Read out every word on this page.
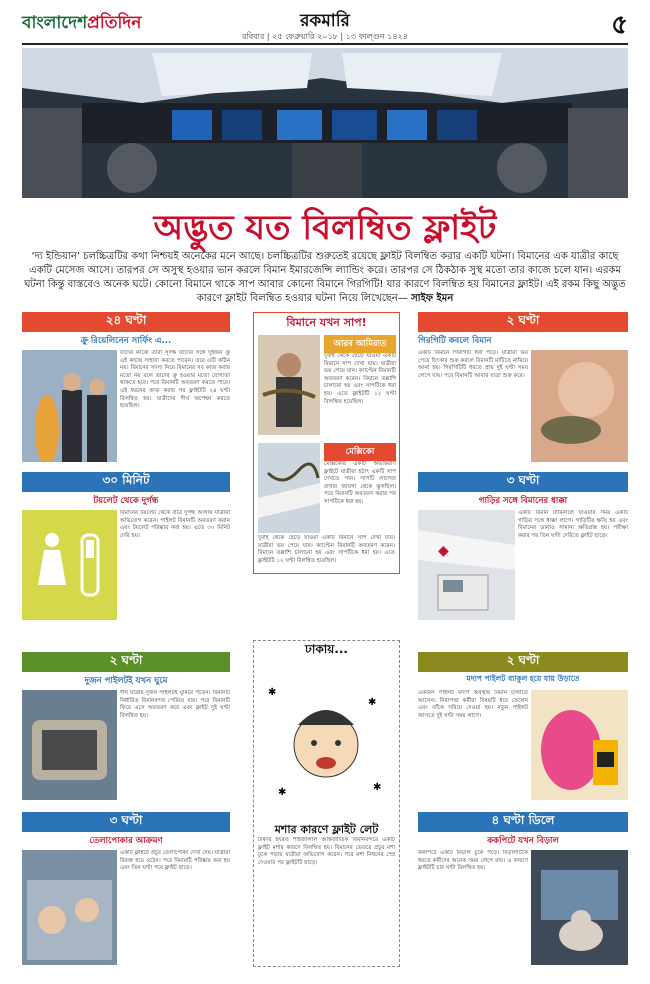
বাংলাদেশপ্রতিদিন	রকমারি
রবিবার | ২৫ ফেব্রুয়ারি ২০১৮ | ১৩ ফাল্গুন ১৪২৪	৫
অদ্ভুত যত বিলম্বিত ফ্লাইট
‘দ্য ইন্ডিয়ান’ চলচ্চিত্রটির কথা নিশ্চয়ই অনেকের মনে আছে। চলচ্চিত্রটির শুরুতেই রয়েছে ফ্লাইট বিলম্বিত করার একটি ঘটনা। বিমানের এক যাত্রীর কাছে একটি মেসেজ আসে। তারপর সে অসুস্থ হওয়ার ভান করলে বিমান ইমারজেন্সি ল্যান্ডিং করে। তারপর সে ঠিকঠাক সুস্থ মতো তার কাজে চলে যান। এরকম ঘটনা কিন্তু বাস্তবেও অনেক ঘটে। কোনো বিমানে থাকে সাপ আবার কোনো বিমানে গিরগিটি! যার কারণে বিলম্বিত হয় বিমানের ফ্লাইট। এই রকম কিছু অদ্ভুত কারণে ফ্লাইট বিলম্বিত হওয়ার ঘটনা নিয়ে লিখেছেন— সাইফ ইমন
২৪ ঘণ্টা
ক্রু রিয়েলিনেন সার্ফিং এ...
যাঁদের কাজে তারা সুদক্ষ তাঁদের সঙ্গে দুইজন ক্রু এই কাজে সাহায্য করতে পারেন। তবে এটি কঠিন নয়। বিমানের সদস্য নিয়ে বিমানের সব কাজ করার মতো নয় বলে তাদের ক্রু হওয়ার মতো যোগ্যতা থাকতে হবে। পরে বিমানটি অবতরণ করতে পারে। এই ধরনের কাজ করার পর ফ্লাইটটি ২৪ ঘণ্টা বিলম্বিত হয়। যাত্রীদের দীর্ঘ অপেক্ষা করতে হয়েছিল।
বিমানে যখন সাপ!
আরব আমিরাত
দুবাই থেকে ছেড়ে যাওয়া একটি বিমানে সাপ দেখা যায়। যাত্রীরা ভয় পেয়ে যান। ক্যাপ্টেন বিমানটি অবতরণ করেন। বিমানে তল্লাশি চালানো হয় এবং সাপটিকে ধরা হয়। এতে ফ্লাইটটি ১২ ঘণ্টা বিলম্বিত হয়েছিল।
মেক্সিকো
মেক্সিকোর একটি অভ্যন্তরীণ ফ্লাইটে যাত্রীরা হঠাৎ একটি সাপ দেখতে পান। সাপটি লাগেজ রাখার জায়গা থেকে ঝুলছিল। পরে বিমানটি অবতরণ করার পর সাপটিকে ধরা হয়।
দুবাই থেকে ছেড়ে যাওয়া একটি বিমানে সাপ দেখা যায়। যাত্রীরা ভয় পেয়ে যান। ক্যাপ্টেন বিমানটি অবতরণ করেন। বিমানে তল্লাশি চালানো হয় এবং সাপটিকে ধরা হয়। এতে ফ্লাইটটি ১২ ঘণ্টা বিলম্বিত হয়েছিল।
২ ঘণ্টা
গিরগিটি কবলে বিমান
একটি বিমানে গিরগিটি ধরা পড়ে। যাত্রীরা ভয় পেয়ে চিৎকার শুরু করলে বিমানটি মাটিতে নামিয়ে আনা হয়। গিরগিটিটি ধরতে প্রায় দুই ঘণ্টা সময় লেগে যায়। পরে বিমানটি আবার যাত্রা শুরু করে।
৩০ মিনিট
টয়লেট থেকে দুর্গন্ধ
বিমানের টয়লেট থেকে তীব্র দুর্গন্ধ আসায় যাত্রীরা অভিযোগ করেন। পাইলট বিমানটি অবতরণ করান এবং টয়লেট পরিষ্কার করা হয়। এতে ৩০ মিনিট দেরি হয়।
৩ ঘণ্টা
গাড়ির সঙ্গে বিমানের ধাক্কা
◆
একটি বিমান টার্মিনালে যাওয়ার সময় একটি গাড়ির সঙ্গে ধাক্কা লাগে। গাড়িটির ক্ষতি হয় এবং বিমানের ডানাও সামান্য ক্ষতিগ্রস্ত হয়। পরীক্ষা করার পর তিন ঘণ্টা দেরিতে ফ্লাইট ছাড়ে।
২ ঘণ্টা
দুজন পাইলটই যখন ঘুমে
দীর্ঘ যাত্রায় দুজন পাইলটই ঘুমিয়ে পড়েন। বিমানটি নির্ধারিত বিমানবন্দর পেরিয়ে যায়। পরে বিমানটি ফিরে এসে অবতরণ করে এবং ফ্লাইট দুই ঘণ্টা বিলম্বিত হয়।
ঢাকায়...
✱
✱
✱	✱
মশার কারণে ফ্লাইট লেট
ঢাকার হযরত শাহজালাল আন্তর্জাতিক বিমানবন্দরে একটি ফ্লাইট মশার কারণে বিলম্বিত হয়। বিমানের ভেতরে প্রচুর মশা ঢুকে পড়ায় যাত্রীরা অভিযোগ করেন। পরে মশা নিধনের স্প্রে দেওয়ার পর ফ্লাইটটি ছাড়ে।
২ ঘণ্টা
মদ্যপ পাইলট ব্যাকুল হয়ে যায় উড়াতে
একজন পাইলট মদ্যপ অবস্থায় বিমান চালাতে আসেন। নিরাপত্তা কর্মীরা বিষয়টি ধরে ফেলেন এবং তাঁকে সরিয়ে দেওয়া হয়। নতুন পাইলট আসতে দুই ঘণ্টা সময় লাগে।
৩ ঘণ্টা
তেলাপোকার আক্রমণ
একটি ফ্লাইটে প্রচুর তেলাপোকা দেখা দেয়। যাত্রীরা বিরক্ত হয়ে ওঠেন। পরে বিমানটি পরিষ্কার করা হয় এবং তিন ঘণ্টা পরে ফ্লাইট ছাড়ে।
৪ ঘণ্টা ডিলে
ককপিটে যখন বিড়াল
ককপিটে একটি বিড়াল ঢুকে পড়ে। বিড়ালটিকে ধরতে কর্মীদের অনেক সময় লেগে যায়। এ কারণে ফ্লাইটটি চার ঘণ্টা বিলম্বিত হয়।
